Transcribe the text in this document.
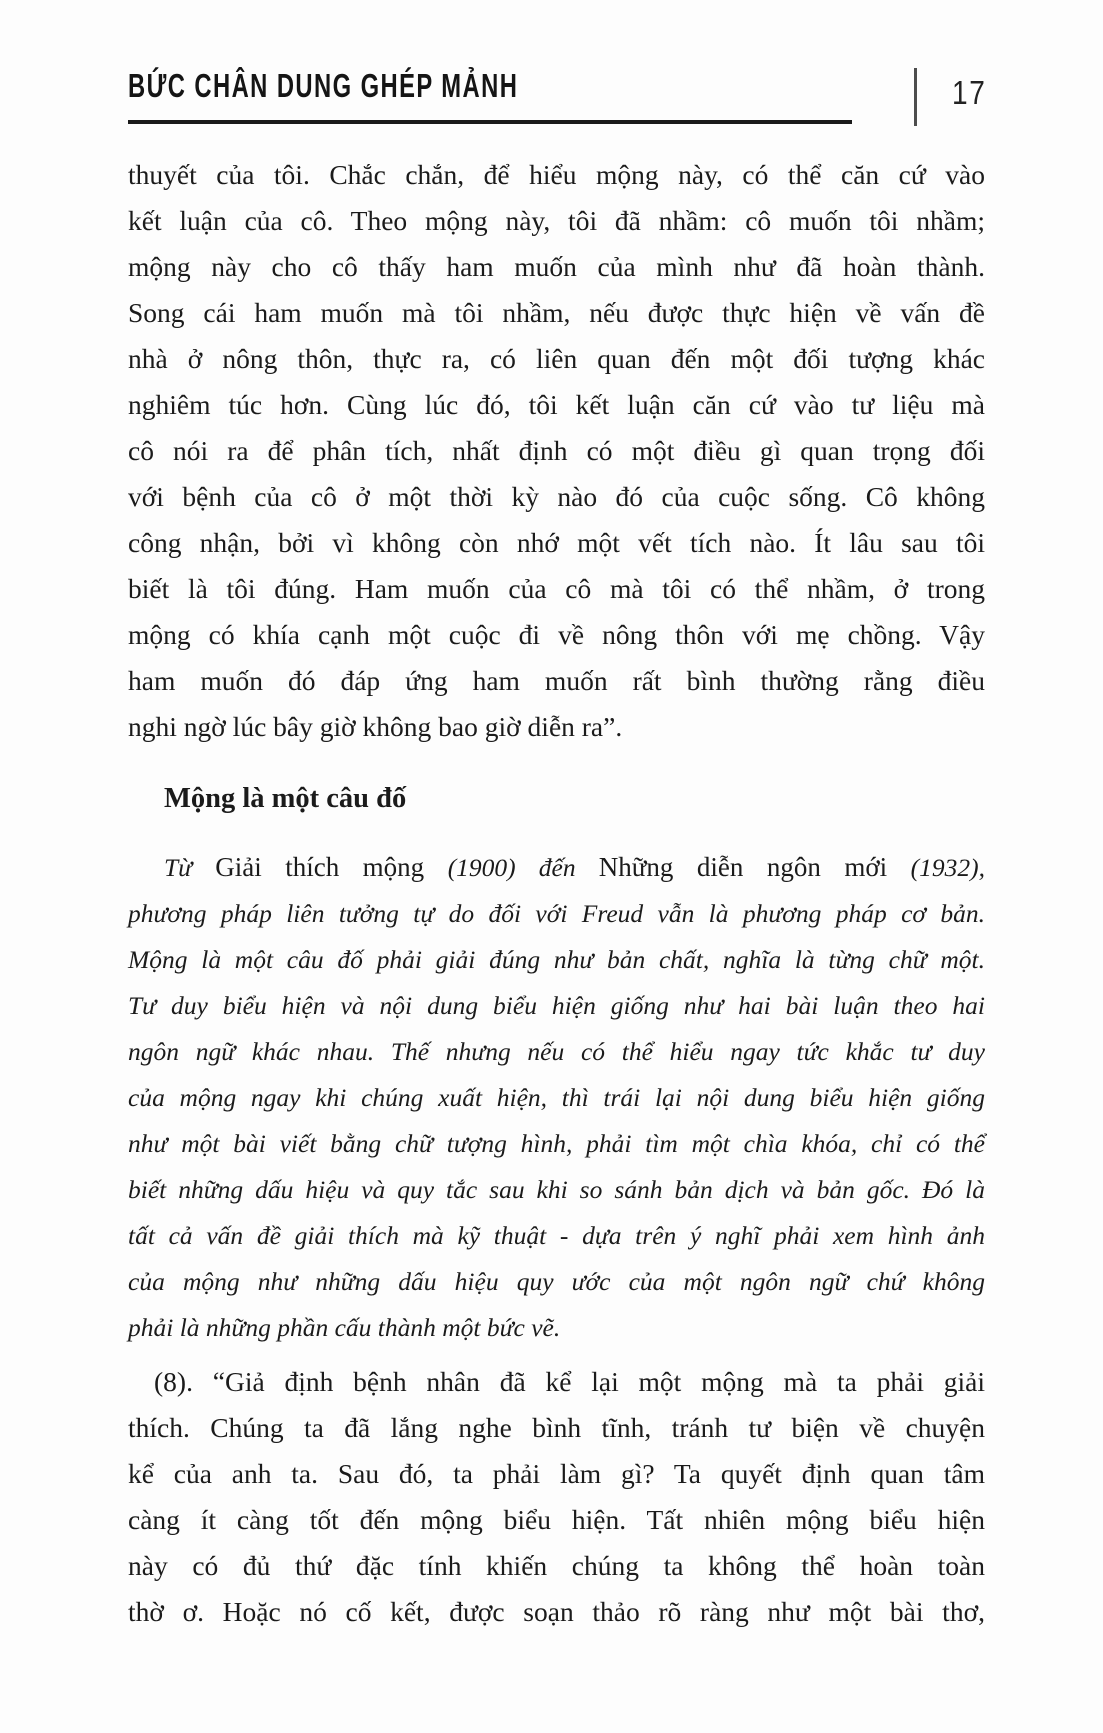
BỨC CHÂN DUNG GHÉP MẢNH	17
thuyết của tôi. Chắc chắn, để hiểu mộng này, có thể căn cứ vào
kết luận của cô. Theo mộng này, tôi đã nhầm: cô muốn tôi nhầm;
mộng này cho cô thấy ham muốn của mình như đã hoàn thành.
Song cái ham muốn mà tôi nhầm, nếu được thực hiện về vấn đề
nhà ở nông thôn, thực ra, có liên quan đến một đối tượng khác
nghiêm túc hơn. Cùng lúc đó, tôi kết luận căn cứ vào tư liệu mà
cô nói ra để phân tích, nhất định có một điều gì quan trọng đối
với bệnh của cô ở một thời kỳ nào đó của cuộc sống. Cô không
công nhận, bởi vì không còn nhớ một vết tích nào. Ít lâu sau tôi
biết là tôi đúng. Ham muốn của cô mà tôi có thể nhầm, ở trong
mộng có khía cạnh một cuộc đi về nông thôn với mẹ chồng. Vậy
ham muốn đó đáp ứng ham muốn rất bình thường rằng điều
nghi ngờ lúc bây giờ không bao giờ diễn ra”.
Mộng là một câu đố
Từ Giải thích mộng (1900) đến Những diễn ngôn mới (1932),
phương pháp liên tưởng tự do đối với Freud vẫn là phương pháp cơ bản.
Mộng là một câu đố phải giải đúng như bản chất, nghĩa là từng chữ một.
Tư duy biểu hiện và nội dung biểu hiện giống như hai bài luận theo hai
ngôn ngữ khác nhau. Thế nhưng nếu có thể hiểu ngay tức khắc tư duy
của mộng ngay khi chúng xuất hiện, thì trái lại nội dung biểu hiện giống
như một bài viết bằng chữ tượng hình, phải tìm một chìa khóa, chỉ có thể
biết những dấu hiệu và quy tắc sau khi so sánh bản dịch và bản gốc. Đó là
tất cả vấn đề giải thích mà kỹ thuật - dựa trên ý nghĩ phải xem hình ảnh
của mộng như những dấu hiệu quy ước của một ngôn ngữ chứ không
phải là những phần cấu thành một bức vẽ.
(8). “Giả định bệnh nhân đã kể lại một mộng mà ta phải giải
thích. Chúng ta đã lắng nghe bình tĩnh, tránh tư biện về chuyện
kể của anh ta. Sau đó, ta phải làm gì? Ta quyết định quan tâm
càng ít càng tốt đến mộng biểu hiện. Tất nhiên mộng biểu hiện
này có đủ thứ đặc tính khiến chúng ta không thể hoàn toàn
thờ ơ. Hoặc nó cố kết, được soạn thảo rõ ràng như một bài thơ,
